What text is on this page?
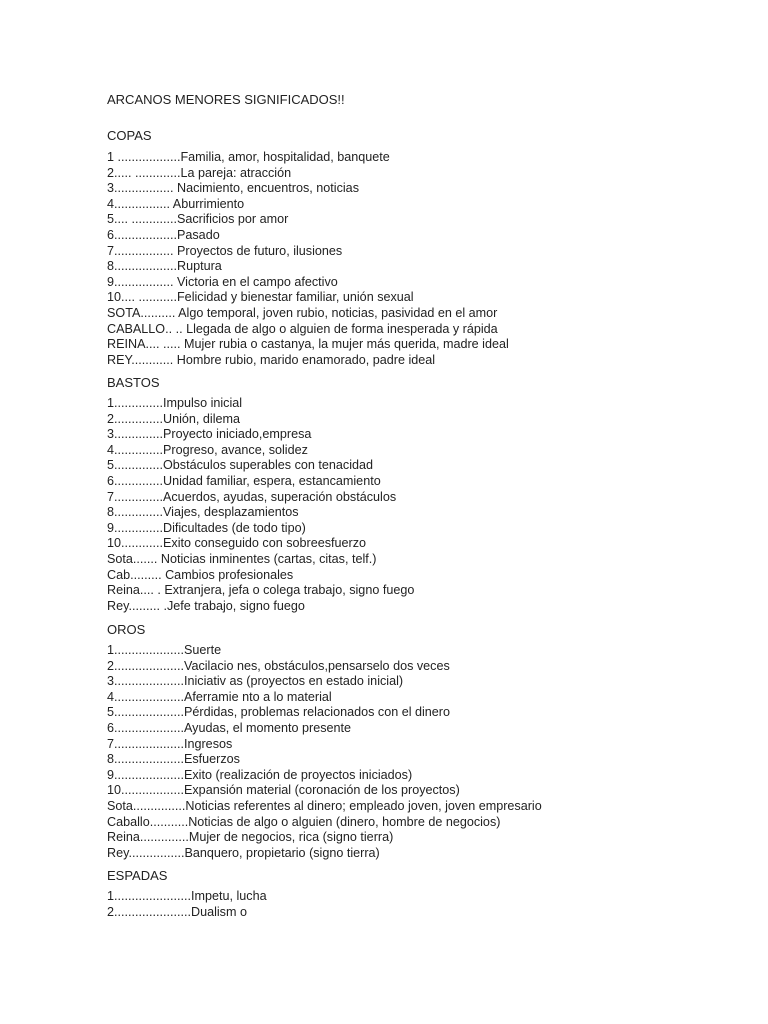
ARCANOS MENORES SIGNIFICADOS!!
COPAS
1 ..................Familia, amor, hospitalidad, banquete
2..... .............La pareja: atracción
3................. Nacimiento, encuentros, noticias
4................ Aburrimiento
5.... .............Sacrificios por amor
6..................Pasado
7................. Proyectos de futuro, ilusiones
8..................Ruptura
9................. Victoria en el campo afectivo
10.... ...........Felicidad y bienestar familiar, unión sexual
SOTA.......... Algo temporal, joven rubio, noticias, pasividad en el amor
CABALLO.. .. Llegada de algo o alguien de forma inesperada y rápida
REINA.... ..... Mujer rubia o castanya, la mujer más querida, madre ideal
REY............ Hombre rubio, marido enamorado, padre ideal
BASTOS
1..............Impulso inicial
2..............Unión, dilema
3..............Proyecto iniciado,empresa
4..............Progreso, avance, solidez
5..............Obstáculos superables con tenacidad
6..............Unidad familiar, espera, estancamiento
7..............Acuerdos, ayudas, superación obstáculos
8..............Viajes, desplazamientos
9..............Dificultades (de todo tipo)
10............Exito conseguido con sobreesfuerzo
Sota....... Noticias inminentes (cartas, citas, telf.)
Cab......... Cambios profesionales
Reina.... . Extranjera, jefa o colega trabajo, signo fuego
Rey......... .Jefe trabajo, signo fuego
OROS
1....................Suerte
2....................Vacilacio nes, obstáculos,pensarselo dos veces
3....................Iniciativ as (proyectos en estado inicial)
4....................Aferramie nto a lo material
5....................Pérdidas, problemas relacionados con el dinero
6....................Ayudas, el momento presente
7....................Ingresos
8....................Esfuerzos
9....................Exito (realización de proyectos iniciados)
10..................Expansión material (coronación de los proyectos)
Sota...............Noticias referentes al dinero; empleado joven, joven empresario
Caballo...........Noticias de algo o alguien (dinero, hombre de negocios)
Reina..............Mujer de negocios, rica (signo tierra)
Rey................Banquero, propietario (signo tierra)
ESPADAS
1......................Impetu, lucha
2......................Dualism o
